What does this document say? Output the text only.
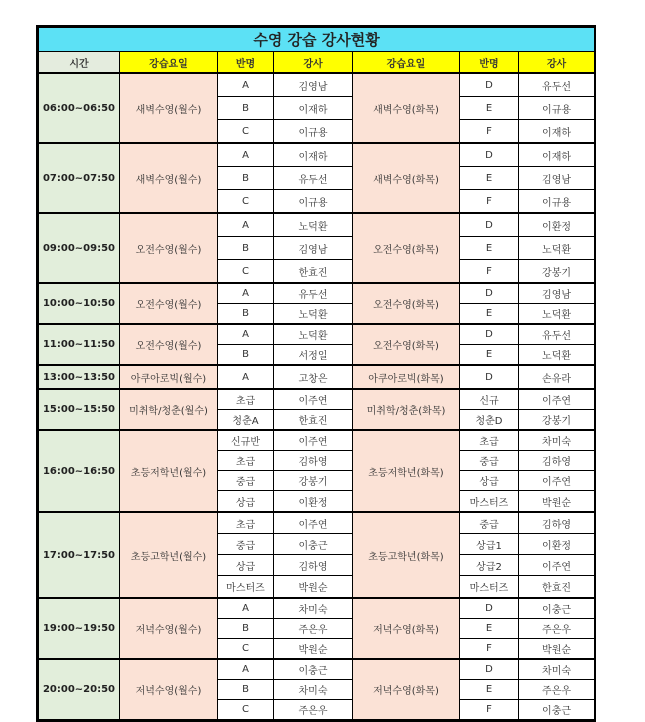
수영 강습 강사현황						
시간	강습요일	반명	강사	강습요일	반명	강사
06:00~06:50	새벽수영(월수)	A	김영남	새벽수영(화목)	D	유두선
		B	이재하		E	이규용
		C	이규용		F	이재하
07:00~07:50	새벽수영(월수)	A	이재하	새벽수영(화목)	D	이재하
		B	유두선		E	김영남
		C	이규용		F	이규용
09:00~09:50	오전수영(월수)	A	노덕환	오전수영(화목)	D	이환정
		B	김영남		E	노덕환
		C	한효진		F	강봉기
10:00~10:50	오전수영(월수)	A	유두선	오전수영(화목)	D	김영남
		B	노덕환		E	노덕환
11:00~11:50	오전수영(월수)	A	노덕환	오전수영(화목)	D	유두선
		B	서정일		E	노덕환
13:00~13:50	아쿠아로빅(월수)	A	고창은	아쿠아로빅(화목)	D	손유라
15:00~15:50	미취학/청춘(월수)	초급	이주연	미취학/청춘(화목)	신규	이주연
		청춘A	한효진		청춘D	강봉기
16:00~16:50	초등저학년(월수)	신규반	이주연	초등저학년(화목)	초급	차미숙
		초급	김하영		중급	김하영
		중급	강봉기		상급	이주연
		상급	이환정		마스터즈	박원순
17:00~17:50	초등고학년(월수)	초급	이주연	초등고학년(화목)	중급	김하영
		중급	이충근		상급1	이환정
		상급	김하영		상급2	이주연
		마스터즈	박원순		마스터즈	한효진
19:00~19:50	저녁수영(월수)	A	차미숙	저녁수영(화목)	D	이충근
		B	주은우		E	주은우
		C	박원순		F	박원순
20:00~20:50	저녁수영(월수)	A	이충근	저녁수영(화목)	D	차미숙
		B	차미숙		E	주은우
		C	주은우		F	이충근
